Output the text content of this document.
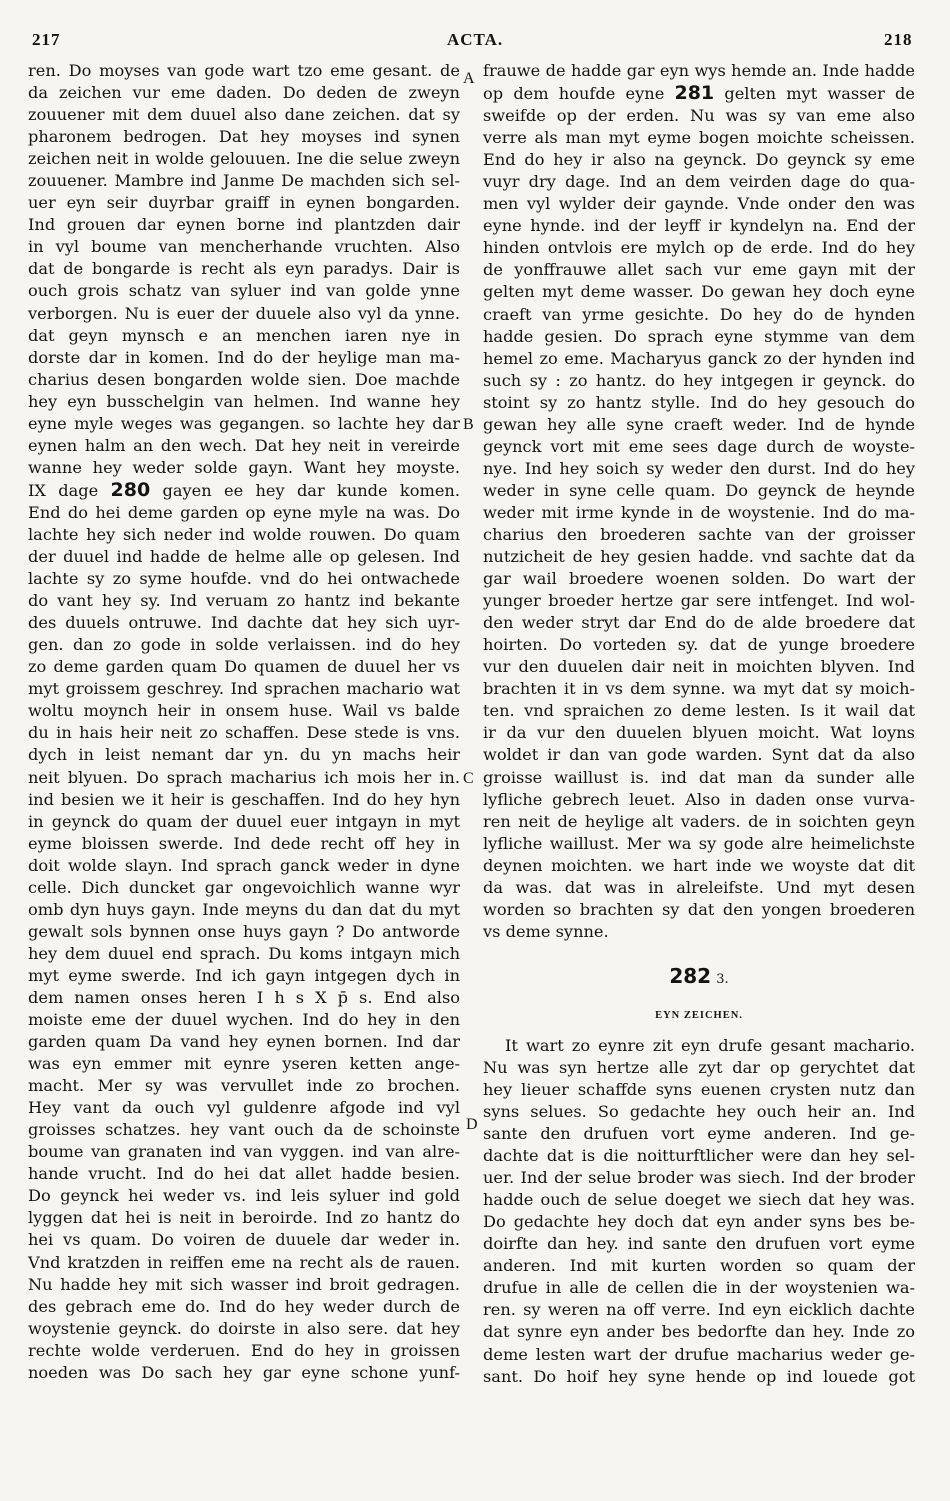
217	ACTA.	218
A
B
C
D

ren. Do moyses van gode wart tzo eme gesant. de

da zeichen vur eme daden. Do deden de zweyn

zouuener mit dem duuel also dane zeichen. dat sy

pharonem bedrogen. Dat hey moyses ind synen

zeichen neit in wolde gelouuen. Ine die selue zweyn

zouuener. Mambre ind Janme De machden sich sel-

uer eyn seir duyrbar graiff in eynen bongarden.

Ind grouen dar eynen borne ind plantzden dair

in vyl boume van mencherhande vruchten. Also

dat de bongarde is recht als eyn paradys. Dair is

ouch grois schatz van syluer ind van golde ynne

verborgen. Nu is euer der duuele also vyl da ynne.

dat geyn mynsch e an menchen iaren nye in

dorste dar in komen. Ind do der heylige man ma-

charius desen bongarden wolde sien. Doe machde

hey eyn busschelgin van helmen. Ind wanne hey

eyne myle weges was gegangen. so lachte hey dar

eynen halm an den wech. Dat hey neit in vereirde

wanne hey weder solde gayn. Want hey moyste.

IX dage 280 gayen ee hey dar kunde komen.

End do hei deme garden op eyne myle na was. Do

lachte hey sich neder ind wolde rouwen. Do quam

der duuel ind hadde de helme alle op gelesen. Ind

lachte sy zo syme houfde. vnd do hei ontwachede

do vant hey sy. Ind veruam zo hantz ind bekante

des duuels ontruwe. Ind dachte dat hey sich uyr-

gen. dan zo gode in solde verlaissen. ind do hey

zo deme garden quam Do quamen de duuel her vs

myt groissem geschrey. Ind sprachen machario wat

woltu moynch heir in onsem huse. Wail vs balde

du in hais heir neit zo schaffen. Dese stede is vns.

dych in leist nemant dar yn. du yn machs heir

neit blyuen. Do sprach macharius ich mois her in.

ind besien we it heir is geschaffen. Ind do hey hyn

in geynck do quam der duuel euer intgayn in myt

eyme bloissen swerde. Ind dede recht off hey in

doit wolde slayn. Ind sprach ganck weder in dyne

celle. Dich duncket gar ongevoichlich wanne wyr

omb dyn huys gayn. Inde meyns du dan dat du myt

gewalt sols bynnen onse huys gayn ? Do antworde

hey dem duuel end sprach. Du koms intgayn mich

myt eyme swerde. Ind ich gayn intgegen dych in

dem namen onses heren I h s X p̄ s. End also

moiste eme der duuel wychen. Ind do hey in den

garden quam Da vand hey eynen bornen. Ind dar

was eyn emmer mit eynre yseren ketten ange-

macht. Mer sy was vervullet inde zo brochen.

Hey vant da ouch vyl guldenre afgode ind vyl

groisses schatzes. hey vant ouch da de schoinste

boume van granaten ind van vyggen. ind van alre-

hande vrucht. Ind do hei dat allet hadde besien.

Do geynck hei weder vs. ind leis syluer ind gold

lyggen dat hei is neit in beroirde. Ind zo hantz do

hei vs quam. Do voiren de duuele dar weder in.

Vnd kratzden in reiffen eme na recht als de rauen.

Nu hadde hey mit sich wasser ind broit gedragen.

des gebrach eme do. Ind do hey weder durch de

woystenie geynck. do doirste in also sere. dat hey

rechte wolde verderuen. End do hey in groissen

noeden was Do sach hey gar eyne schone yunf-

frauwe de hadde gar eyn wys hemde an. Inde hadde

op dem houfde eyne 281 gelten myt wasser de

sweifde op der erden. Nu was sy van eme also

verre als man myt eyme bogen moichte scheissen.

End do hey ir also na geynck. Do geynck sy eme

vuyr dry dage. Ind an dem veirden dage do qua-

men vyl wylder deir gaynde. Vnde onder den was

eyne hynde. ind der leyff ir kyndelyn na. End der

hinden ontvlois ere mylch op de erde. Ind do hey

de yonffrauwe allet sach vur eme gayn mit der

gelten myt deme wasser. Do gewan hey doch eyne

craeft van yrme gesichte. Do hey do de hynden

hadde gesien. Do sprach eyne stymme van dem

hemel zo eme. Macharyus ganck zo der hynden ind

such sy : zo hantz. do hey intgegen ir geynck. do

stoint sy zo hantz stylle. Ind do hey gesouch do

gewan hey alle syne craeft weder. Ind de hynde

geynck vort mit eme sees dage durch de woyste-

nye. Ind hey soich sy weder den durst. Ind do hey

weder in syne celle quam. Do geynck de heynde

weder mit irme kynde in de woystenie. Ind do ma-

charius den broederen sachte van der groisser

nutzicheit de hey gesien hadde. vnd sachte dat da

gar wail broedere woenen solden. Do wart der

yunger broeder hertze gar sere intfenget. Ind wol-

den weder stryt dar End do de alde broedere dat

hoirten. Do vorteden sy. dat de yunge broedere

vur den duuelen dair neit in moichten blyven. Ind

brachten it in vs dem synne. wa myt dat sy moich-

ten. vnd spraichen zo deme lesten. Is it wail dat

ir da vur den duuelen blyuen moicht. Wat loyns

woldet ir dan van gode warden. Synt dat da also

groisse waillust is. ind dat man da sunder alle

lyfliche gebrech leuet. Also in daden onse vurva-

ren neit de heylige alt vaders. de in soichten geyn

lyfliche waillust. Mer wa sy gode alre heimelichste

deynen moichten. we hart inde we woyste dat dit

da was. dat was in alreleifste. Und myt desen

worden so brachten sy dat den yongen broederen

vs deme synne.

282 3.
EYN ZEICHEN.

It wart zo eynre zit eyn drufe gesant machario.

Nu was syn hertze alle zyt dar op gerychtet dat

hey lieuer schaffde syns euenen crysten nutz dan

syns selues. So gedachte hey ouch heir an. Ind

sante den drufuen vort eyme anderen. Ind ge-

dachte dat is die noitturftlicher were dan hey sel-

uer. Ind der selue broder was siech. Ind der broder

hadde ouch de selue doeget we siech dat hey was.

Do gedachte hey doch dat eyn ander syns bes be-

doirfte dan hey. ind sante den drufuen vort eyme

anderen. Ind mit kurten worden so quam der

drufue in alle de cellen die in der woystenien wa-

ren. sy weren na off verre. Ind eyn eicklich dachte

dat synre eyn ander bes bedorfte dan hey. Inde zo

deme lesten wart der drufue macharius weder ge-

sant. Do hoif hey syne hende op ind louede got
